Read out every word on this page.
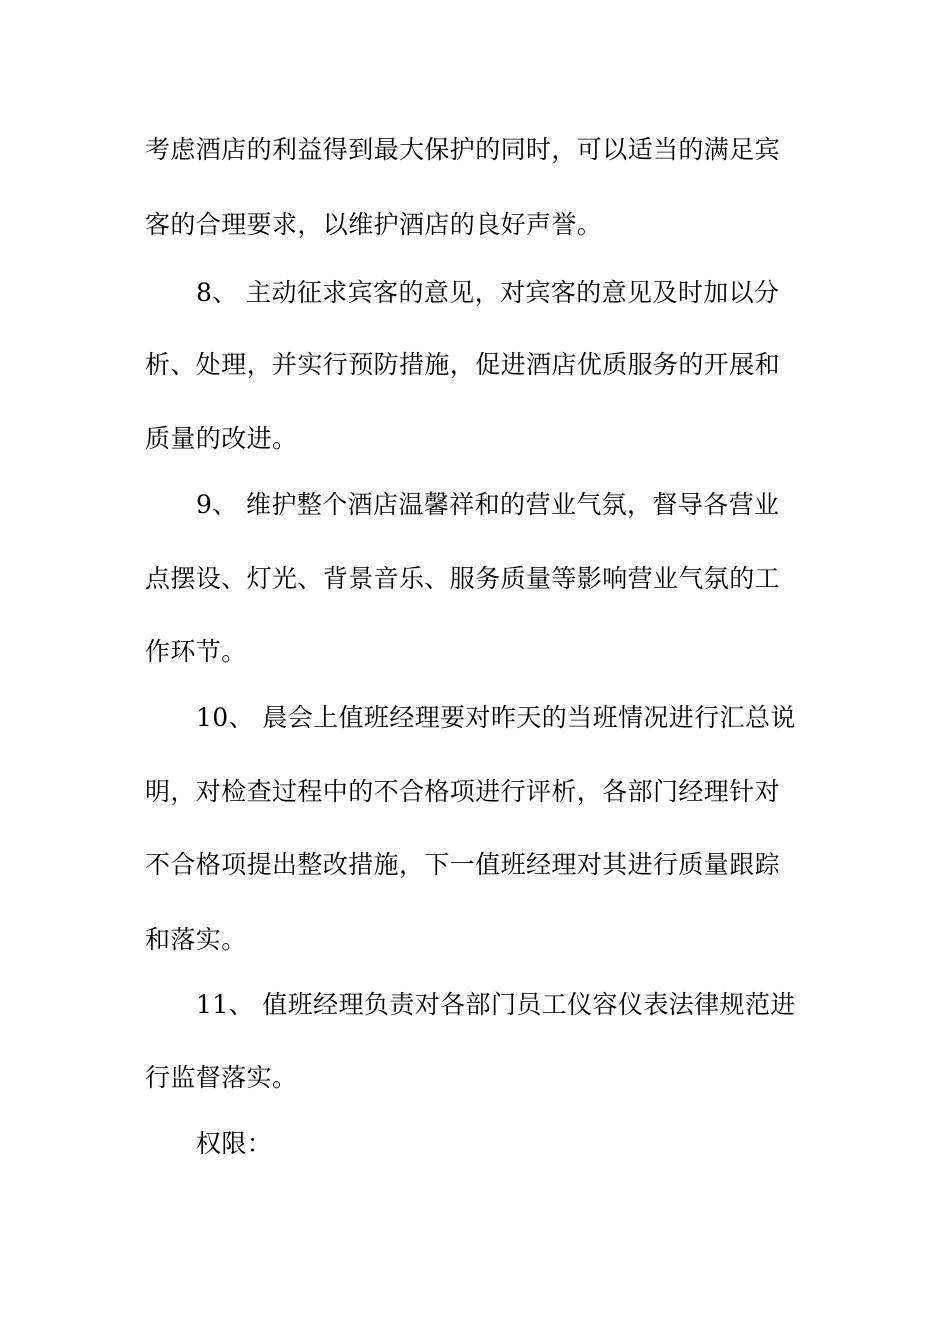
考虑酒店的利益得到最大保护的同时，可以适当的满足宾
客的合理要求，以维护酒店的良好声誉。
8、 主动征求宾客的意见，对宾客的意见及时加以分
析、处理，并实行预防措施，促进酒店优质服务的开展和
质量的改进。
9、 维护整个酒店温馨祥和的营业气氛，督导各营业
点摆设、灯光、背景音乐、服务质量等影响营业气氛的工
作环节。
10、 晨会上值班经理要对昨天的当班情况进行汇总说
明，对检查过程中的不合格项进行评析，各部门经理针对
不合格项提出整改措施，下一值班经理对其进行质量跟踪
和落实。
11、 值班经理负责对各部门员工仪容仪表法律规范进
行监督落实。
权限：
